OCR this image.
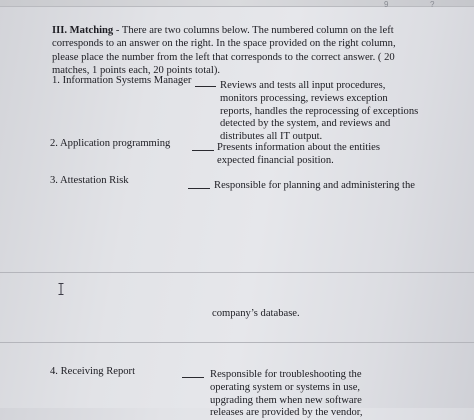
9	?

III. Matching - There are two columns below. The numbered column on the left corresponds to an answer on the right. In the space provided on the right column, please place the number from the left that corresponds to the correct answer. ( 20 matches, 1 points each, 20 points total).

1. Information Systems Manager	Reviews and tests all input procedures, monitors processing, reviews exception reports, handles the reprocessing of exceptions detected by the system, and reviews and distributes all IT output.

2. Application programming	Presents information about the entities expected financial position.

3. Attestation Risk	Responsible for planning and administering the

company’s database.

4. Receiving Report	Responsible for troubleshooting the operating system or systems in use, upgrading them when new software releases are provided by the vendor,
